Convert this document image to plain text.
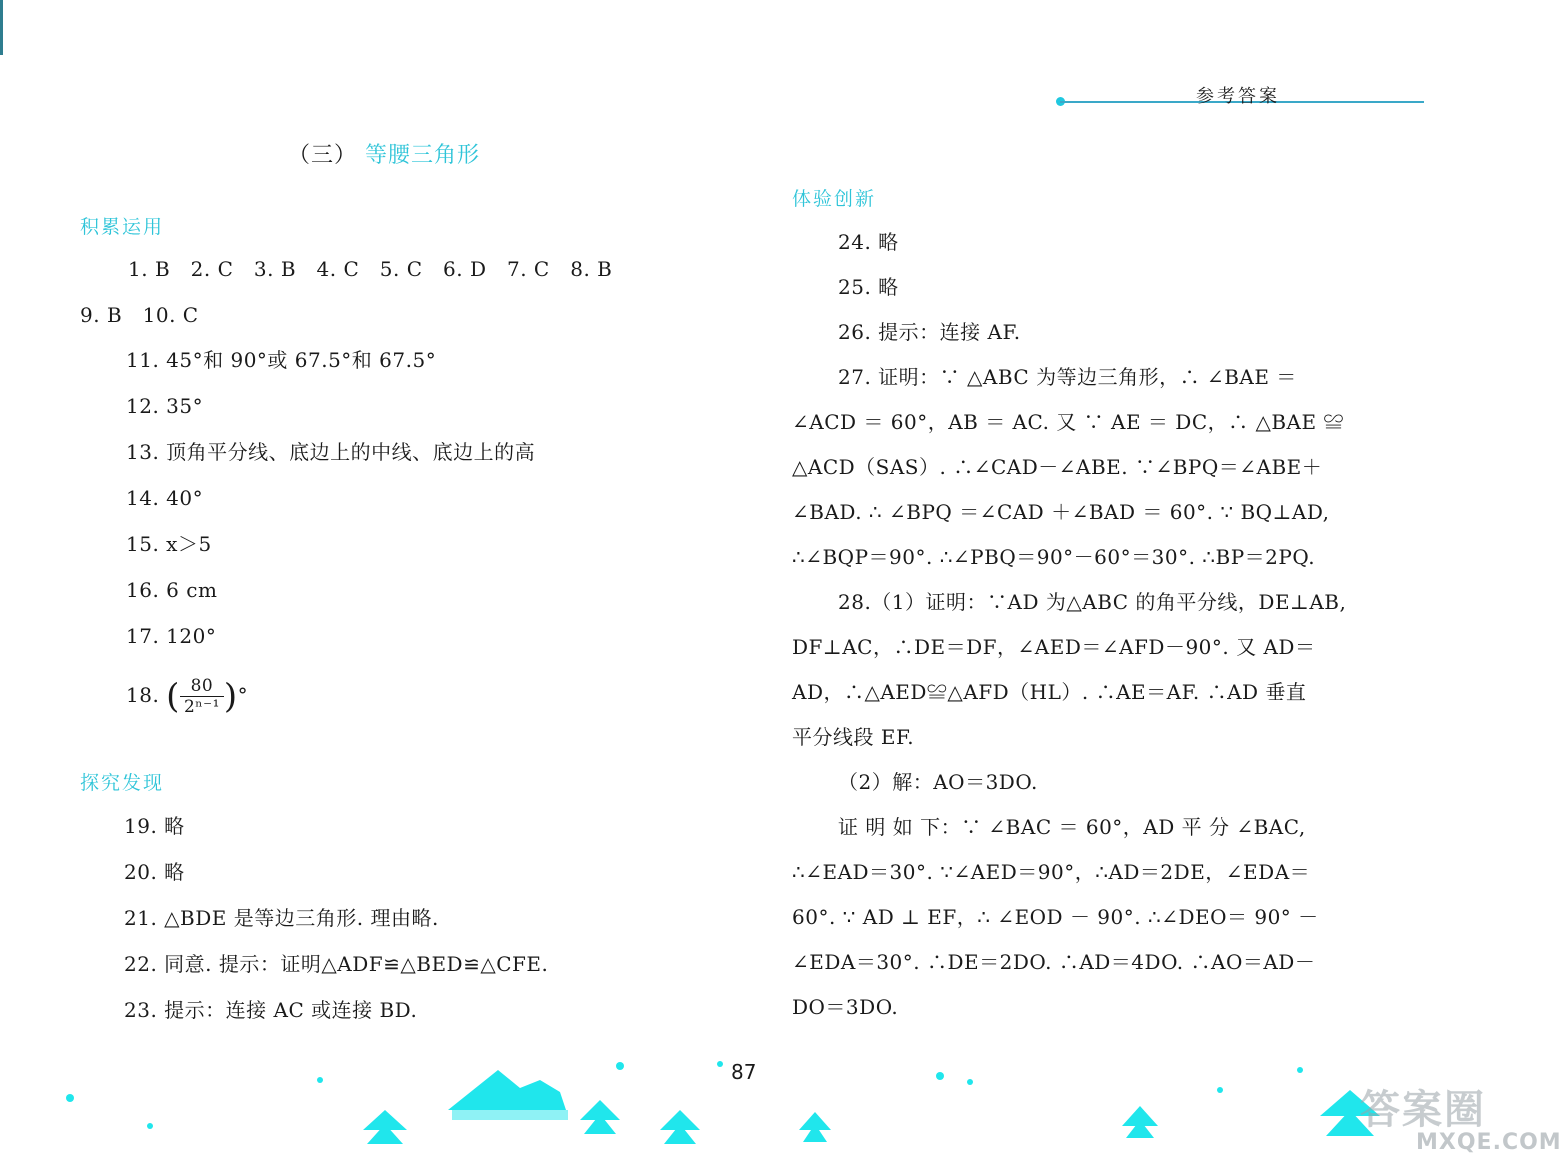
参考答案
（三） 等腰三角形
积累运用
1. B　2. C　3. B　4. C　5. C　6. D　7. C　8. B
9. B　10. C
11. 45°和 90°或 67.5°和 67.5°
12. 35°
13. 顶角平分线、底边上的中线、底边上的高
14. 40°
15. x＞5
16. 6 cm
17. 120°
18. ( $\frac{80}{\text{2ⁿ⁻¹}}$ )°
探究发现
19. 略
20. 略
21. △BDE 是等边三角形. 理由略.
22. 同意. 提示：证明△ADF≌△BED≌△CFE.
23. 提示：连接 AC 或连接 BD.
体验创新
24. 略
25. 略
26. 提示：连接 AF.
27. 证明：∵ △ABC 为等边三角形，∴ ∠BAE ＝
∠ACD ＝ 60°，AB ＝ AC. 又 ∵ AE ＝ DC，∴ △BAE ≌
△ACD（SAS）. ∴∠CAD－∠ABE. ∵∠BPQ＝∠ABE＋
∠BAD. ∴ ∠BPQ ＝∠CAD ＋∠BAD ＝ 60°. ∵ BQ⊥AD,
∴∠BQP＝90°. ∴∠PBQ＝90°－60°＝30°. ∴BP＝2PQ.
28.（1）证明：∵AD 为△ABC 的角平分线，DE⊥AB,
DF⊥AC，∴DE＝DF，∠AED＝∠AFD－90°. 又 AD＝
AD，∴△AED≌△AFD（HL）. ∴AE＝AF. ∴AD 垂直
平分线段 EF.
（2）解：AO＝3DO.
证 明 如 下：∵ ∠BAC ＝ 60°，AD 平 分 ∠BAC,
∴∠EAD＝30°. ∵∠AED＝90°，∴AD＝2DE，∠EDA＝
60°. ∵ AD ⊥ EF，∴ ∠EOD － 90°. ∴∠DEO＝ 90° －
∠EDA＝30°. ∴DE＝2DO. ∴AD＝4DO. ∴AO＝AD－
DO＝3DO.
87
答案圈
MXQE.COM
